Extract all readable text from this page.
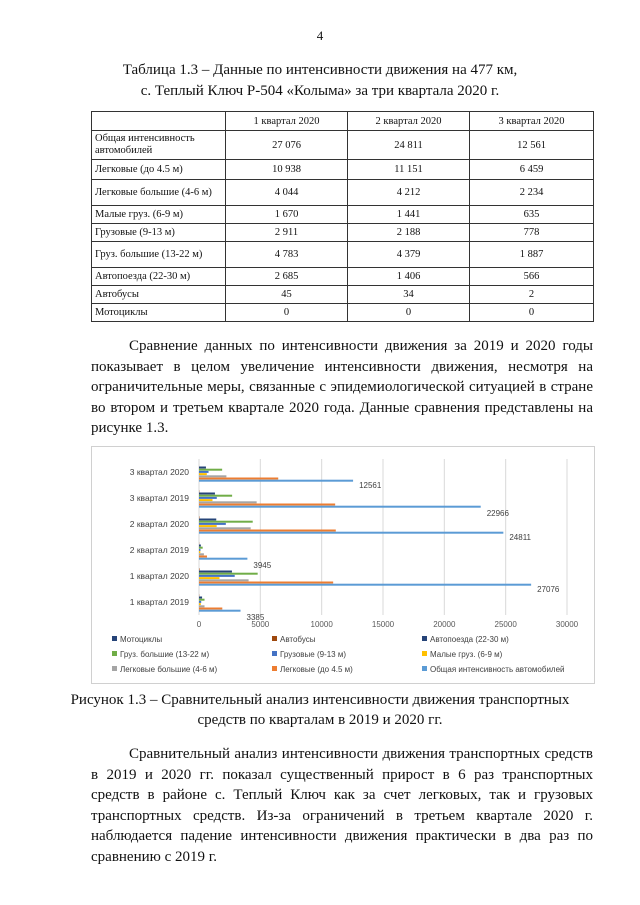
4
Таблица 1.3 – Данные по интенсивности движения на 477 км,
с. Теплый Ключ Р-504 «Колыма» за три квартала 2020 г.
	1 квартал 2020	2 квартал 2020	3 квартал 2020
Общая интенсивность автомобилей	27 076	24 811	12 561
Легковые (до 4.5 м)	10 938	11 151	6 459
Легковые большие (4-6 м)	4 044	4 212	2 234
Малые груз. (6-9 м)	1 670	1 441	635
Грузовые (9-13 м)	2 911	2 188	778
Груз. большие (13-22 м)	4 783	4 379	1 887
Автопоезда (22-30 м)	2 685	1 406	566
Автобусы	45	34	2
Мотоциклы	0	0	0

Сравнение данных по интенсивности движения за 2019 и 2020 годы показывает в целом увеличение интенсивности движения, несмотря на ограничительные меры, связанные с эпидемиологической ситуацией в стране во втором и третьем квартале 2020 года. Данные сравнения представлены на рисунке 1.3.

0	5000	10000	15000	20000	25000	30000
1 квартал 2019
3385
1 квартал 2020
27076
2 квартал 2019
3945
2 квартал 2020
24811
3 квартал 2019
22966
3 квартал 2020
12561
Мотоциклы	Автобусы	Автопоезда (22-30 м)
Груз. большие (13-22 м)	Грузовые (9-13 м)	Малые груз. (6-9 м)
Легковые большие (4-6 м)	Легковые (до 4.5 м)	Общая интенсивность автомобилей
Рисунок 1.3 – Сравнительный анализ интенсивности движения транспортных
средств по кварталам в 2019 и 2020 гг.

Сравнительный анализ интенсивности движения транспортных средств в 2019 и 2020 гг. показал существенный прирост в 6 раз транспортных средств в районе с. Теплый Ключ как за счет легковых, так и грузовых транспортных средств. Из-за ограничений в третьем квартале 2020 г. наблюдается падение интенсивности движения практически в два раз по сравнению с 2019 г.
